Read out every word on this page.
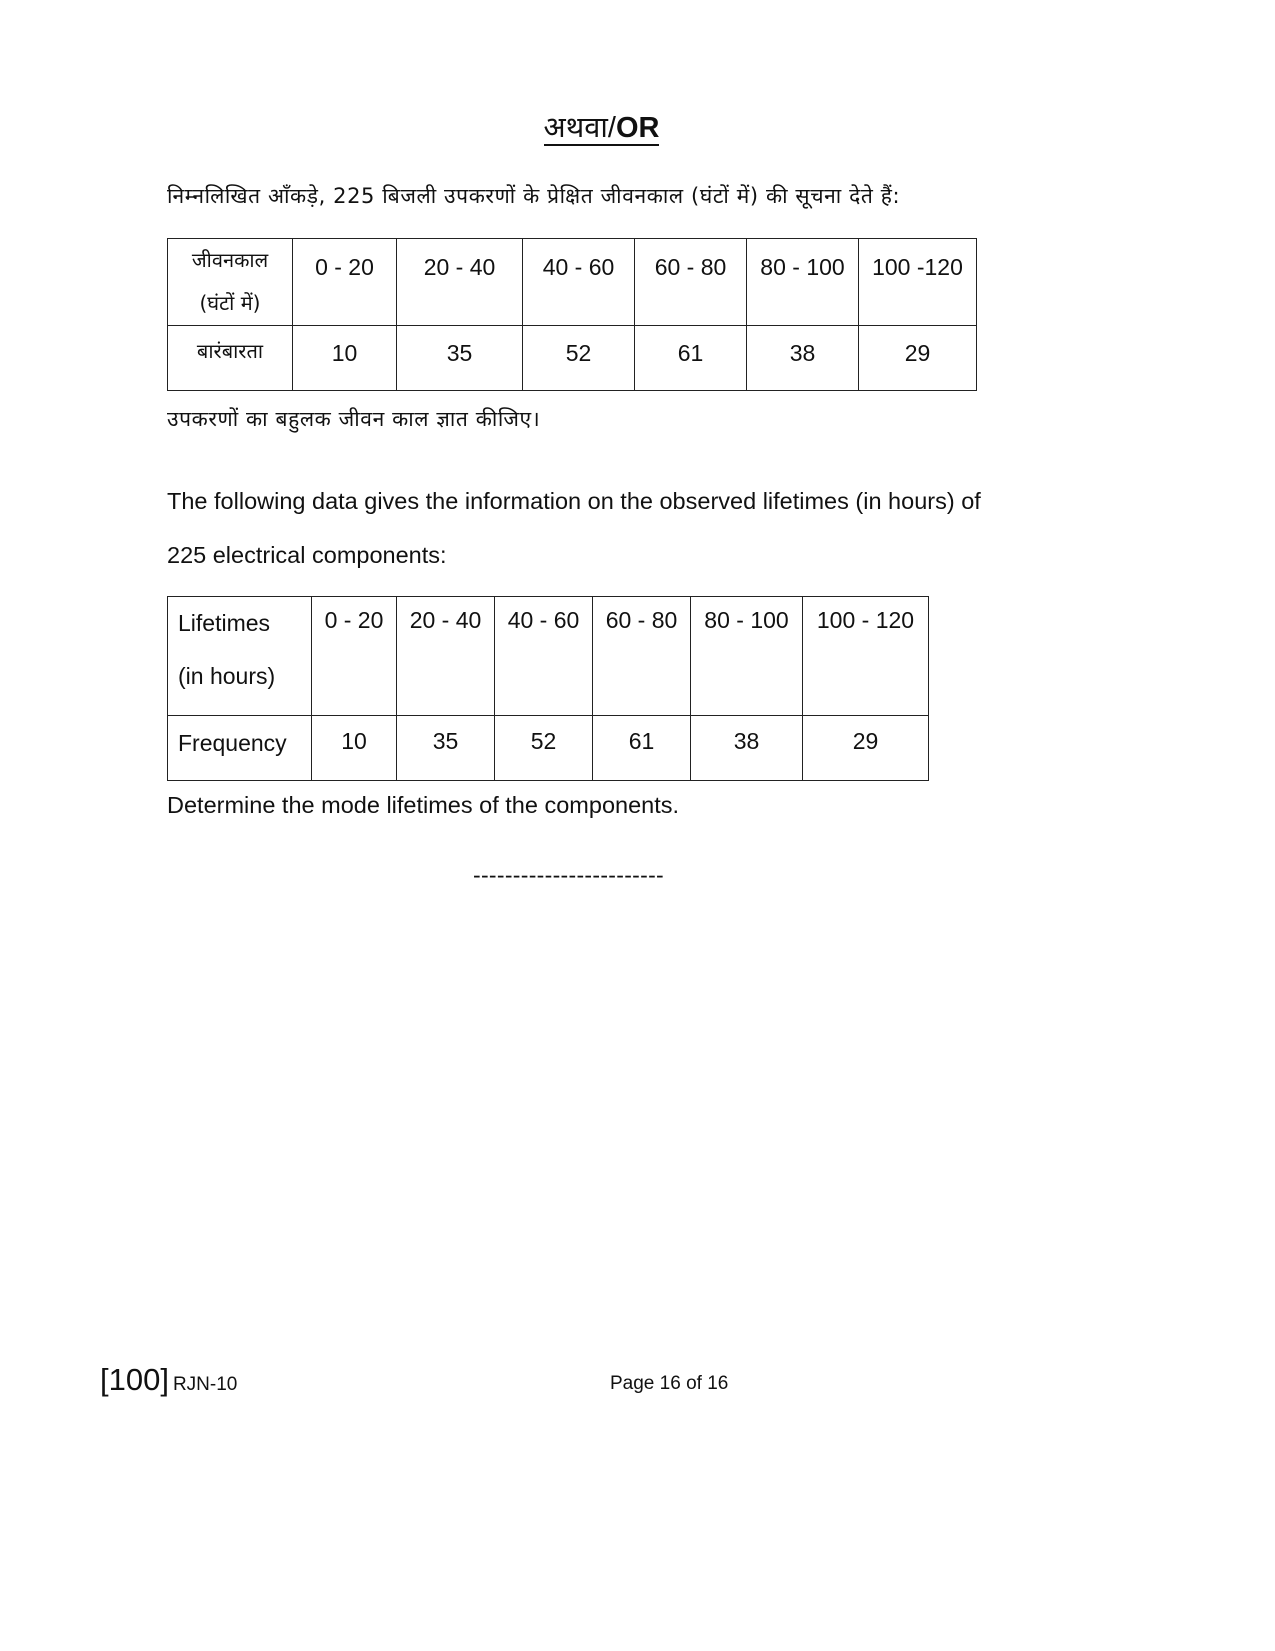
अथवा/OR
निम्नलिखित आँकड़े, 225 बिजली उपकरणों के प्रेक्षित जीवनकाल (घंटों में) की सूचना देते हैं:
जीवनकाल
(घंटों में)	0 - 20	20 - 40	40 - 60	60 - 80	80 - 100	100 -120
बारंबारता	10	35	52	61	38	29
उपकरणों का बहुलक जीवन काल ज्ञात कीजिए।
The following data gives the information on the observed lifetimes (in hours) of 225 electrical components:
Lifetimes
(in hours)	0 - 20	20 - 40	40 - 60	60 - 80	80 - 100	100 - 120
Frequency	10	35	52	61	38	29
Determine the mode lifetimes of the components.
------------------------
[100] RJN-10	Page 16 of 16
